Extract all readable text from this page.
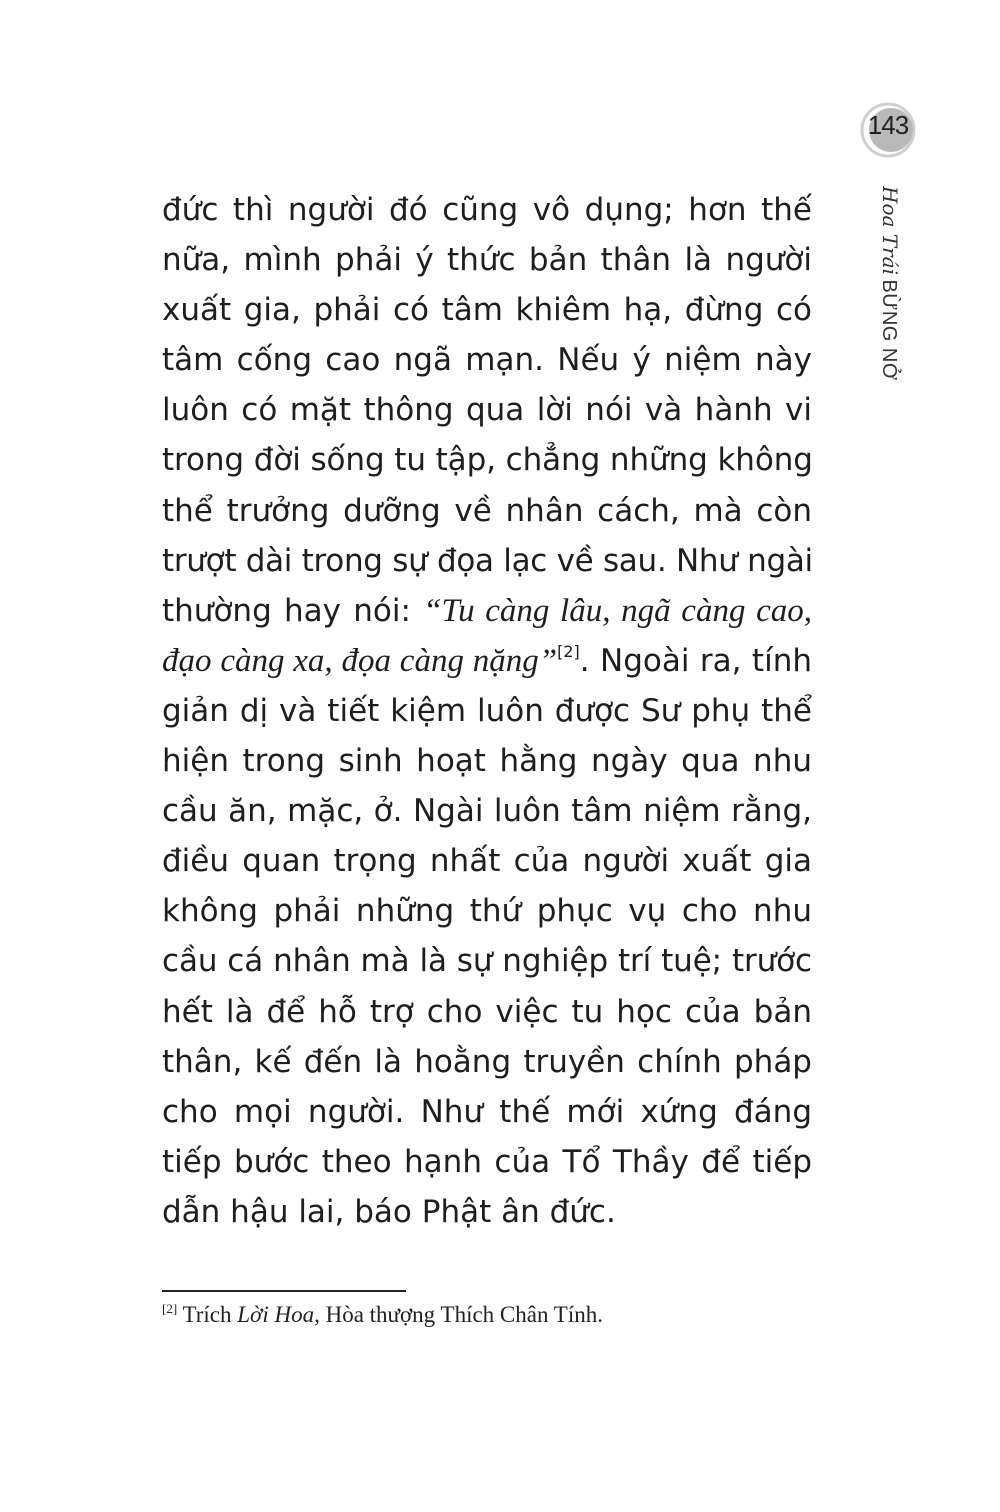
143
Hoa Trái BỪNG NỞ
đức thì người đó cũng vô dụng; hơn thế
nữa, mình phải ý thức bản thân là người
xuất gia, phải có tâm khiêm hạ, đừng có
tâm cống cao ngã mạn. Nếu ý niệm này
luôn có mặt thông qua lời nói và hành vi
trong đời sống tu tập, chẳng những không
thể trưởng dưỡng về nhân cách, mà còn
trượt dài trong sự đọa lạc về sau. Như ngài
thường hay nói: “Tu càng lâu, ngã càng cao,
đạo càng xa, đọa càng nặng”[2]. Ngoài ra, tính
giản dị và tiết kiệm luôn được Sư phụ thể
hiện trong sinh hoạt hằng ngày qua nhu
cầu ăn, mặc, ở. Ngài luôn tâm niệm rằng,
điều quan trọng nhất của người xuất gia
không phải những thứ phục vụ cho nhu
cầu cá nhân mà là sự nghiệp trí tuệ; trước
hết là để hỗ trợ cho việc tu học của bản
thân, kế đến là hoằng truyền chính pháp
cho mọi người. Như thế mới xứng đáng
tiếp bước theo hạnh của Tổ Thầy để tiếp
dẫn hậu lai, báo Phật ân đức.
[2] Trích Lời Hoa, Hòa thượng Thích Chân Tính.
